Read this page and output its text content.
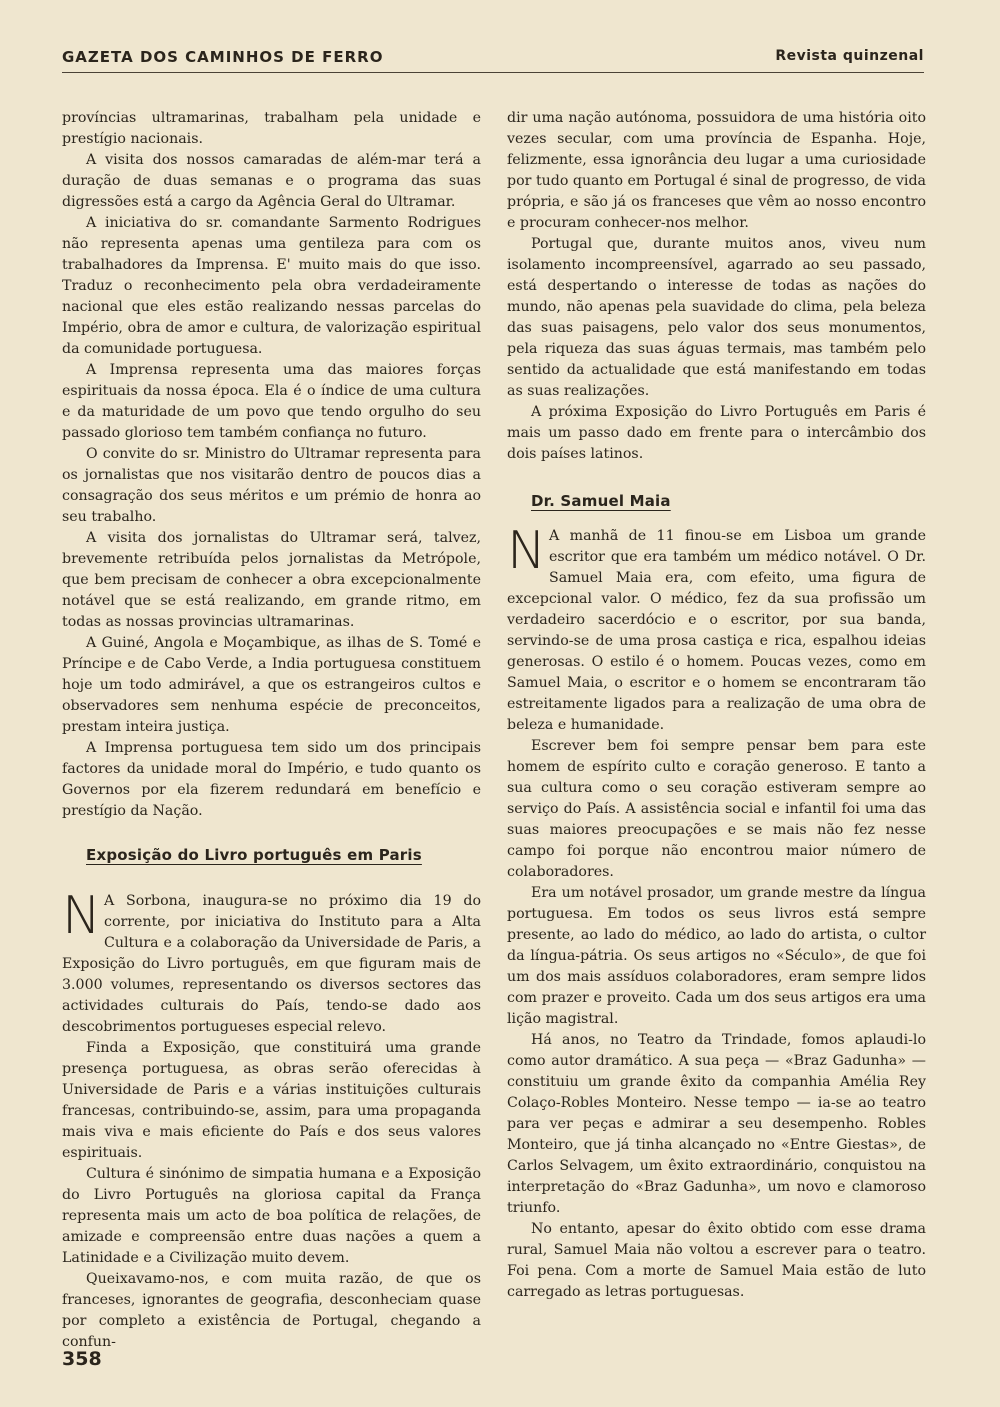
GAZETA DOS CAMINHOS DE FERRO	Revista quinzenal

províncias ultramarinas, trabalham pela unidade e prestígio nacionais.

A visita dos nossos camaradas de além-mar terá a duração de duas semanas e o programa das suas digressões está a cargo da Agência Geral do Ultramar.

A iniciativa do sr. comandante Sarmento Rodrigues não representa apenas uma gentileza para com os trabalhadores da Imprensa. E' muito mais do que isso. Traduz o reconhecimento pela obra verdadeiramente nacional que eles estão realizando nessas parcelas do Império, obra de amor e cultura, de valorização espiritual da comunidade portuguesa.

A Imprensa representa uma das maiores forças espirituais da nossa época. Ela é o índice de uma cultura e da maturidade de um povo que tendo orgulho do seu passado glorioso tem também confiança no futuro.

O convite do sr. Ministro do Ultramar representa para os jornalistas que nos visitarão dentro de poucos dias a consagração dos seus méritos e um prémio de honra ao seu trabalho.

A visita dos jornalistas do Ultramar será, talvez, brevemente retribuída pelos jornalistas da Metrópole, que bem precisam de conhecer a obra excepcionalmente notável que se está realizando, em grande ritmo, em todas as nossas provincias ultramarinas.

A Guiné, Angola e Moçambique, as ilhas de S. Tomé e Príncipe e de Cabo Verde, a India portuguesa constituem hoje um todo admirável, a que os estrangeiros cultos e observadores sem nenhuma espécie de preconceitos, prestam inteira justiça.

A Imprensa portuguesa tem sido um dos principais factores da unidade moral do Império, e tudo quanto os Governos por ela fizerem redundará em benefício e prestígio da Nação.

Exposição do Livro português em Paris

N A Sorbona, inaugura-se no próximo dia 19 do corrente, por iniciativa do Instituto para a Alta Cultura e a colaboração da Universidade de Paris, a Exposição do Livro português, em que figuram mais de 3.000 volumes, representando os diversos sectores das actividades culturais do País, tendo-se dado aos descobrimentos portugueses especial relevo.

Finda a Exposição, que constituirá uma grande presença portuguesa, as obras serão oferecidas à Universidade de Paris e a várias instituições culturais francesas, contribuindo-se, assim, para uma propaganda mais viva e mais eficiente do País e dos seus valores espirituais.

Cultura é sinónimo de simpatia humana e a Exposição do Livro Português na gloriosa capital da França representa mais um acto de boa política de relações, de amizade e compreensão entre duas nações a quem a Latinidade e a Civilização muito devem.

Queixavamo-nos, e com muita razão, de que os franceses, ignorantes de geografia, desconheciam quase por completo a existência de Portugal, chegando a confun-

dir uma nação autónoma, possuidora de uma história oito vezes secular, com uma província de Espanha. Hoje, felizmente, essa ignorância deu lugar a uma curiosidade por tudo quanto em Portugal é sinal de progresso, de vida própria, e são já os franceses que vêm ao nosso encontro e procuram conhecer-nos melhor.

Portugal que, durante muitos anos, viveu num isolamento incompreensível, agarrado ao seu passado, está despertando o interesse de todas as nações do mundo, não apenas pela suavidade do clima, pela beleza das suas paisagens, pelo valor dos seus monumentos, pela riqueza das suas águas termais, mas também pelo sentido da actualidade que está manifestando em todas as suas realizações.

A próxima Exposição do Livro Português em Paris é mais um passo dado em frente para o intercâmbio dos dois países latinos.

Dr. Samuel Maia

N A manhã de 11 finou-se em Lisboa um grande escritor que era também um médico notável. O Dr. Samuel Maia era, com efeito, uma figura de excepcional valor. O médico, fez da sua profissão um verdadeiro sacerdócio e o escritor, por sua banda, servindo-se de uma prosa castiça e rica, espalhou ideias generosas. O estilo é o homem. Poucas vezes, como em Samuel Maia, o escritor e o homem se encontraram tão estreitamente ligados para a realização de uma obra de beleza e humanidade.

Escrever bem foi sempre pensar bem para este homem de espírito culto e coração generoso. E tanto a sua cultura como o seu coração estiveram sempre ao serviço do País. A assistência social e infantil foi uma das suas maiores preocupações e se mais não fez nesse campo foi porque não encontrou maior número de colaboradores.

Era um notável prosador, um grande mestre da língua portuguesa. Em todos os seus livros está sempre presente, ao lado do médico, ao lado do artista, o cultor da língua-pátria. Os seus artigos no «Século», de que foi um dos mais assíduos colaboradores, eram sempre lidos com prazer e proveito. Cada um dos seus artigos era uma lição magistral.

Há anos, no Teatro da Trindade, fomos aplaudi-lo como autor dramático. A sua peça — «Braz Gadunha» — constituiu um grande êxito da companhia Amélia Rey Colaço-Robles Monteiro. Nesse tempo — ia-se ao teatro para ver peças e admirar a seu desempenho. Robles Monteiro, que já tinha alcançado no «Entre Giestas», de Carlos Selvagem, um êxito extraordinário, conquistou na interpretação do «Braz Gadunha», um novo e clamoroso triunfo.

No entanto, apesar do êxito obtido com esse drama rural, Samuel Maia não voltou a escrever para o teatro. Foi pena. Com a morte de Samuel Maia estão de luto carregado as letras portuguesas.

358
